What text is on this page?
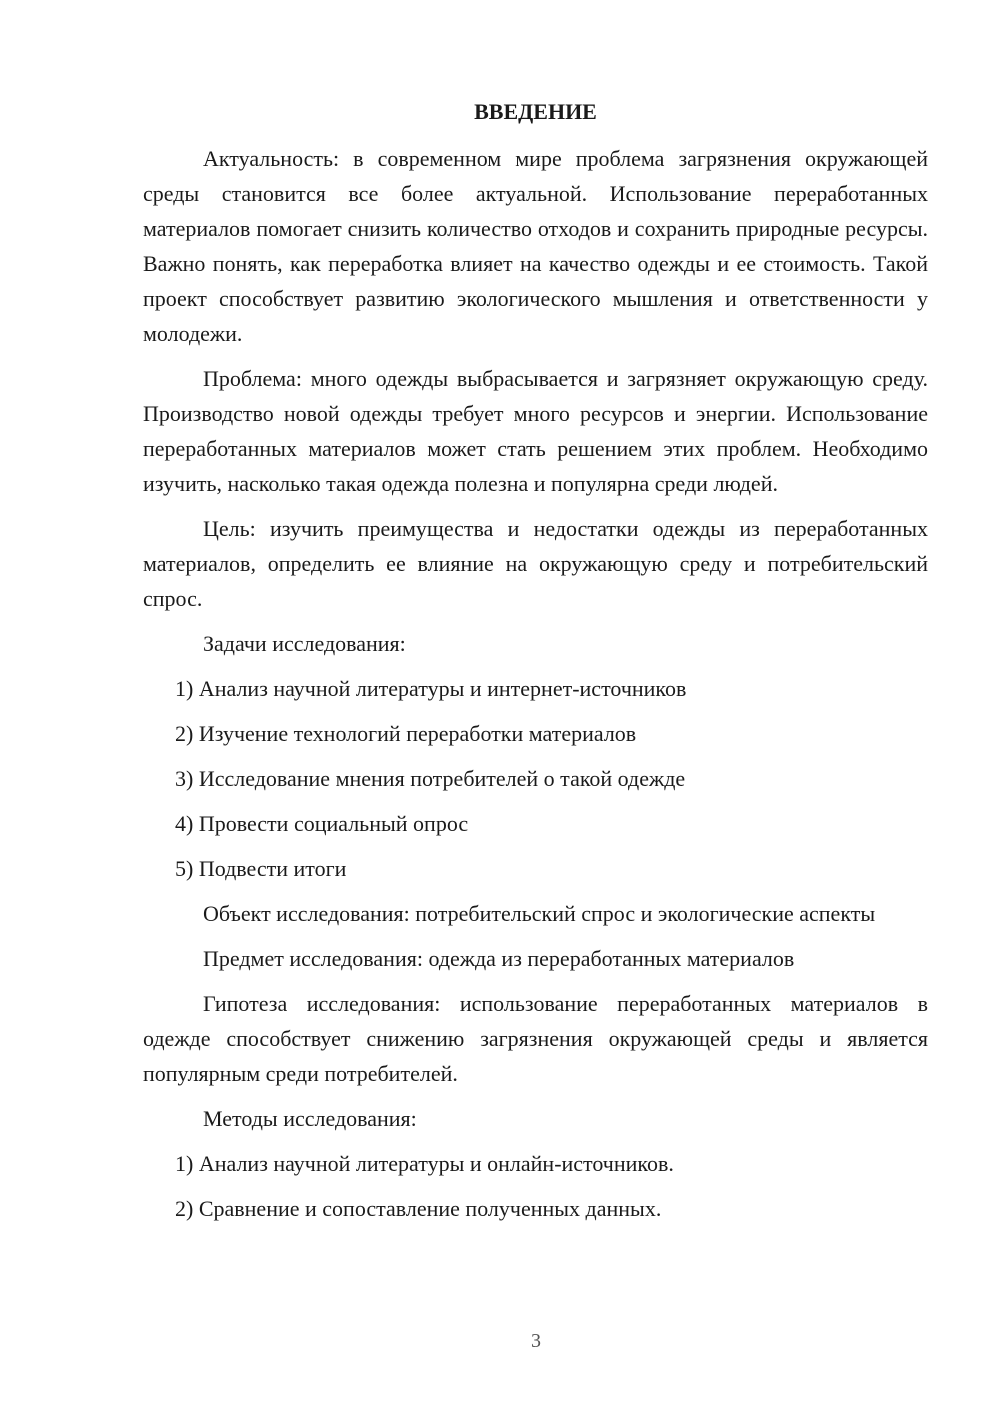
ВВЕДЕНИЕ

Актуальность: в современном мире проблема загрязнения окружающей среды становится все более актуальной. Использование переработанных материалов помогает снизить количество отходов и сохранить природные ресурсы. Важно понять, как переработка влияет на качество одежды и ее стоимость. Такой проект способствует развитию экологического мышления и ответственности у молодежи.

Проблема: много одежды выбрасывается и загрязняет окружающую среду. Производство новой одежды требует много ресурсов и энергии. Использование переработанных материалов может стать решением этих проблем. Необходимо изучить, насколько такая одежда полезна и популярна среди людей.

Цель: изучить преимущества и недостатки одежды из переработанных материалов, определить ее влияние на окружающую среду и потребительский спрос.

Задачи исследования:

1) Анализ научной литературы и интернет-источников

2) Изучение технологий переработки материалов

3) Исследование мнения потребителей о такой одежде

4) Провести социальный опрос

5) Подвести итоги

Объект исследования: потребительский спрос и экологические аспекты

Предмет исследования: одежда из переработанных материалов

Гипотеза исследования: использование переработанных материалов в одежде способствует снижению загрязнения окружающей среды и является популярным среди потребителей.

Методы исследования:

1) Анализ научной литературы и онлайн-источников.

2) Сравнение и сопоставление полученных данных.

3
